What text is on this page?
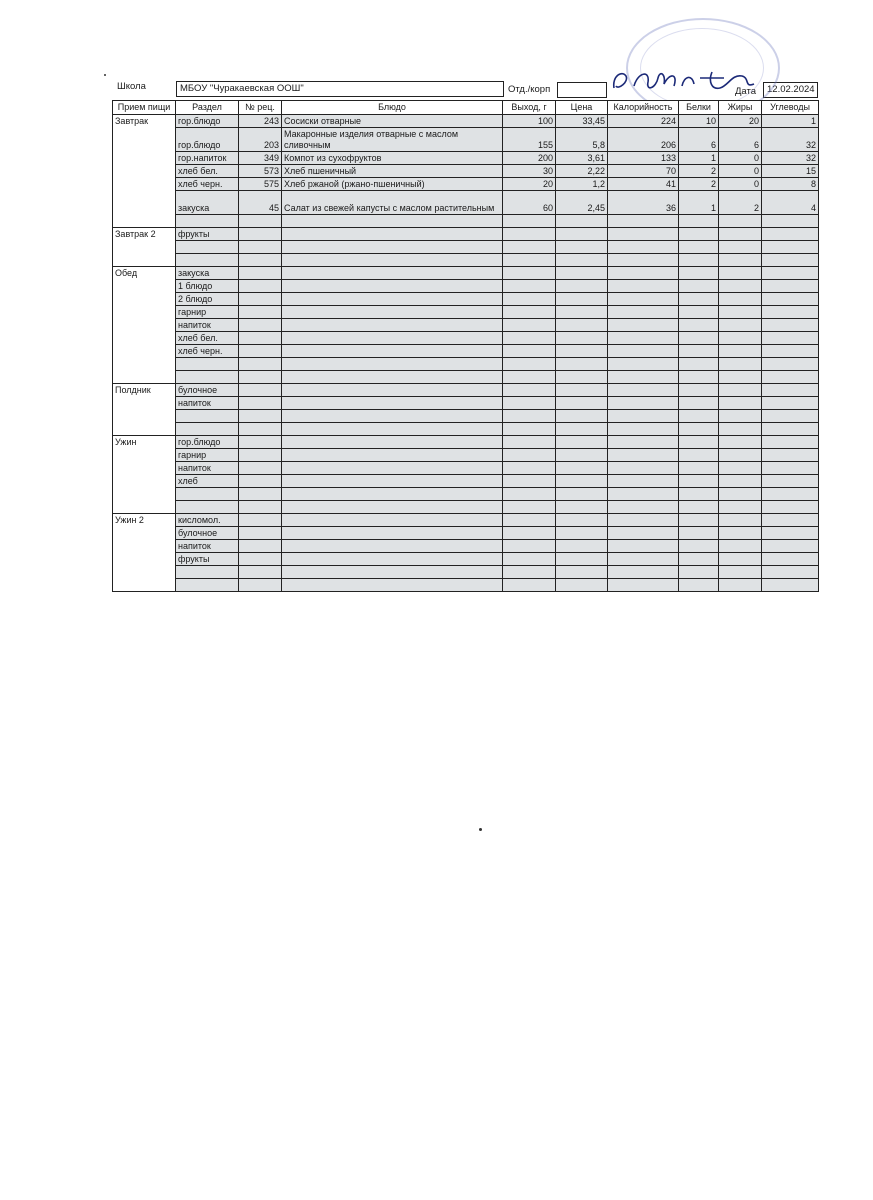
Школа	МБОУ "Чуракаевская ООШ"	Отд./корп	Дата	12.02.2024
Прием пищи	Раздел	№ рец.	Блюдо	Выход, г	Цена	Калорийность	Белки	Жиры	Углеводы
Завтрак	гор.блюдо	243	Сосиски отварные	100	33,45	224	10	20	1
	гор.блюдо	203	Макаронные изделия отварные с маслом сливочным	155	5,8	206	6	6	32
	гор.напиток	349	Компот из сухофруктов	200	3,61	133	1	0	32
	хлеб бел.	573	Хлеб пшеничный	30	2,22	70	2	0	15
	хлеб черн.	575	Хлеб ржаной (ржано-пшеничный)	20	1,2	41	2	0	8
	закуска	45	Салат из свежей капусты с маслом растительным	60	2,45	36	1	2	4

Завтрак 2	фрукты								

Обед	закуска								
	1 блюдо								
	2 блюдо								
	гарнир								
	напиток								
	хлеб бел.								
	хлеб черн.								

Полдник	булочное								
	напиток								

Ужин	гор.блюдо								
	гарнир								
	напиток								
	хлеб								

Ужин 2	кисломол.								
	булочное								
	напиток								
	фрукты								
